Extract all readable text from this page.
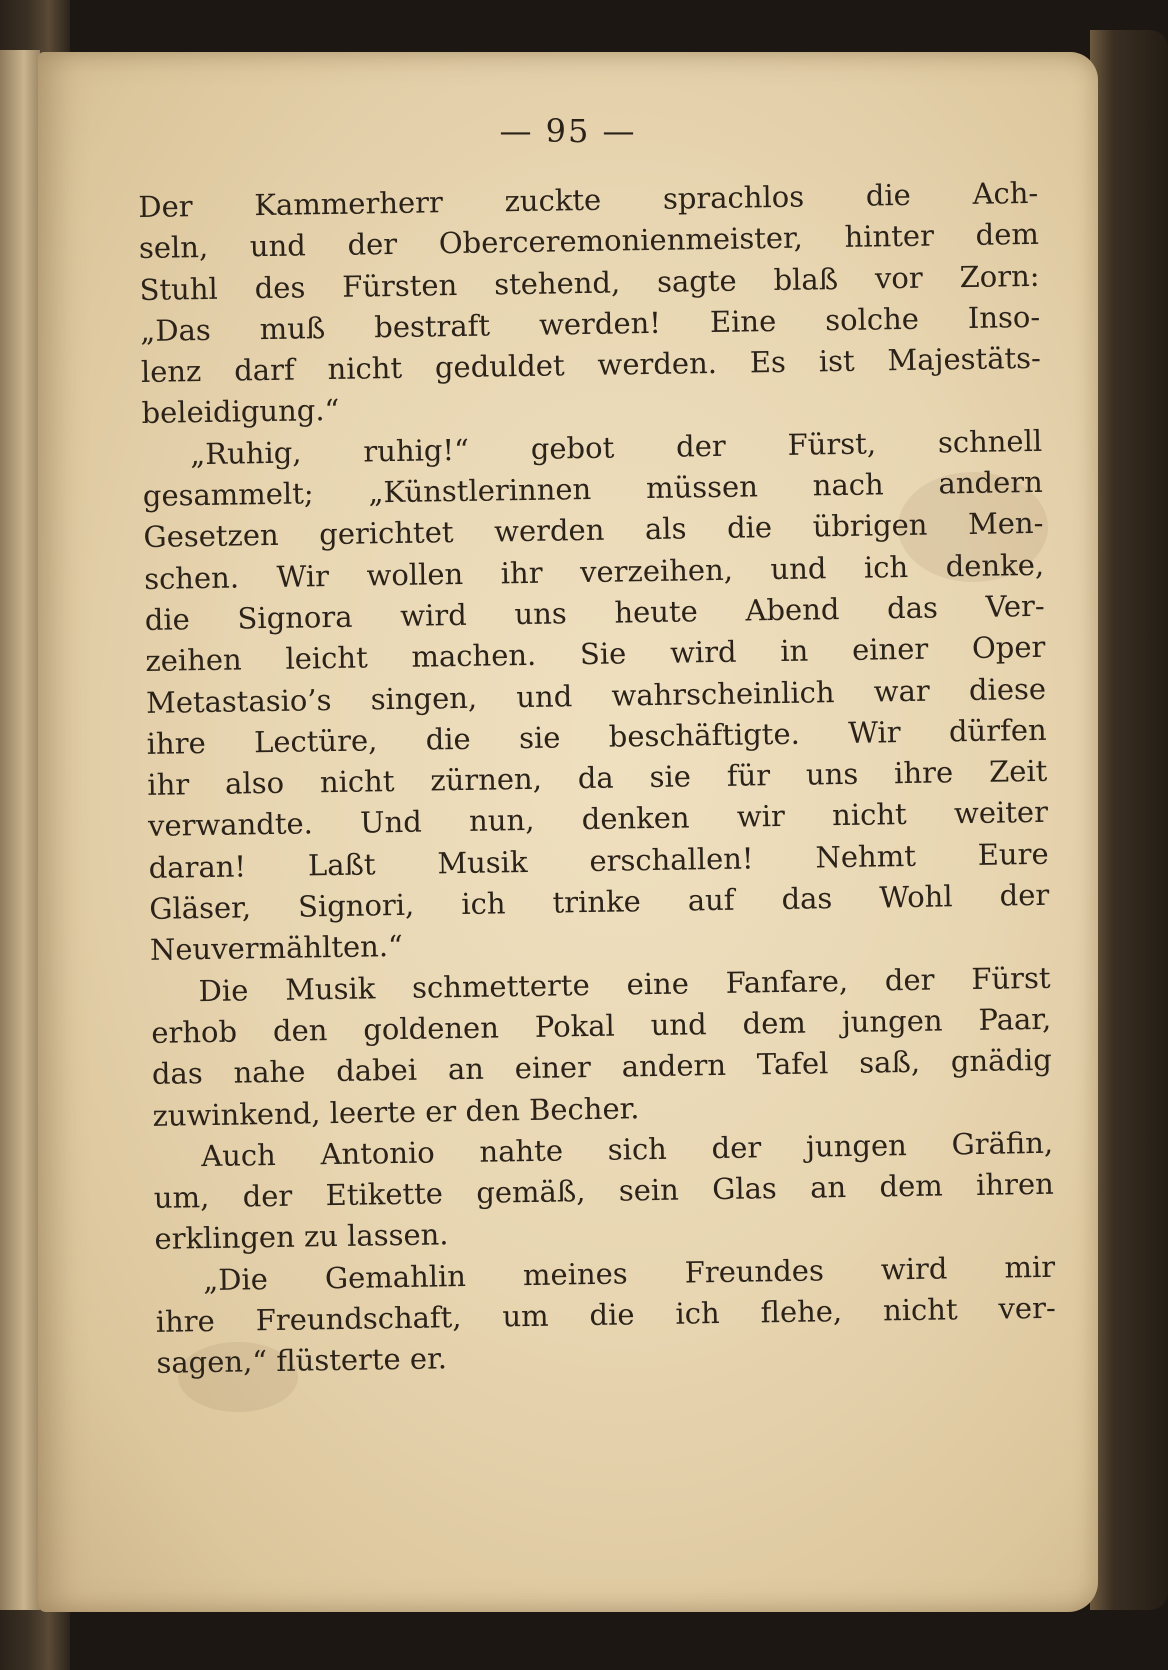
— 95 —
Der Kammerherr zuckte sprachlos die Ach-
seln, und der Oberceremonienmeister, hinter dem
Stuhl des Fürsten stehend, sagte blaß vor Zorn:
„Das muß bestraft werden! Eine solche Inso-
lenz darf nicht geduldet werden. Es ist Majestäts-
beleidigung.“
„Ruhig, ruhig!“ gebot der Fürst, schnell
gesammelt; „Künstlerinnen müssen nach andern
Gesetzen gerichtet werden als die übrigen Men-
schen. Wir wollen ihr verzeihen, und ich denke,
die Signora wird uns heute Abend das Ver-
zeihen leicht machen. Sie wird in einer Oper
Metastasio’s singen, und wahrscheinlich war diese
ihre Lectüre, die sie beschäftigte. Wir dürfen
ihr also nicht zürnen, da sie für uns ihre Zeit
verwandte. Und nun, denken wir nicht weiter
daran! Laßt Musik erschallen! Nehmt Eure
Gläser, Signori, ich trinke auf das Wohl der
Neuvermählten.“
Die Musik schmetterte eine Fanfare, der Fürst
erhob den goldenen Pokal und dem jungen Paar,
das nahe dabei an einer andern Tafel saß, gnädig
zuwinkend, leerte er den Becher.
Auch Antonio nahte sich der jungen Gräfin,
um, der Etikette gemäß, sein Glas an dem ihren
erklingen zu lassen.
„Die Gemahlin meines Freundes wird mir
ihre Freundschaft, um die ich flehe, nicht ver-
sagen,“ flüsterte er.
